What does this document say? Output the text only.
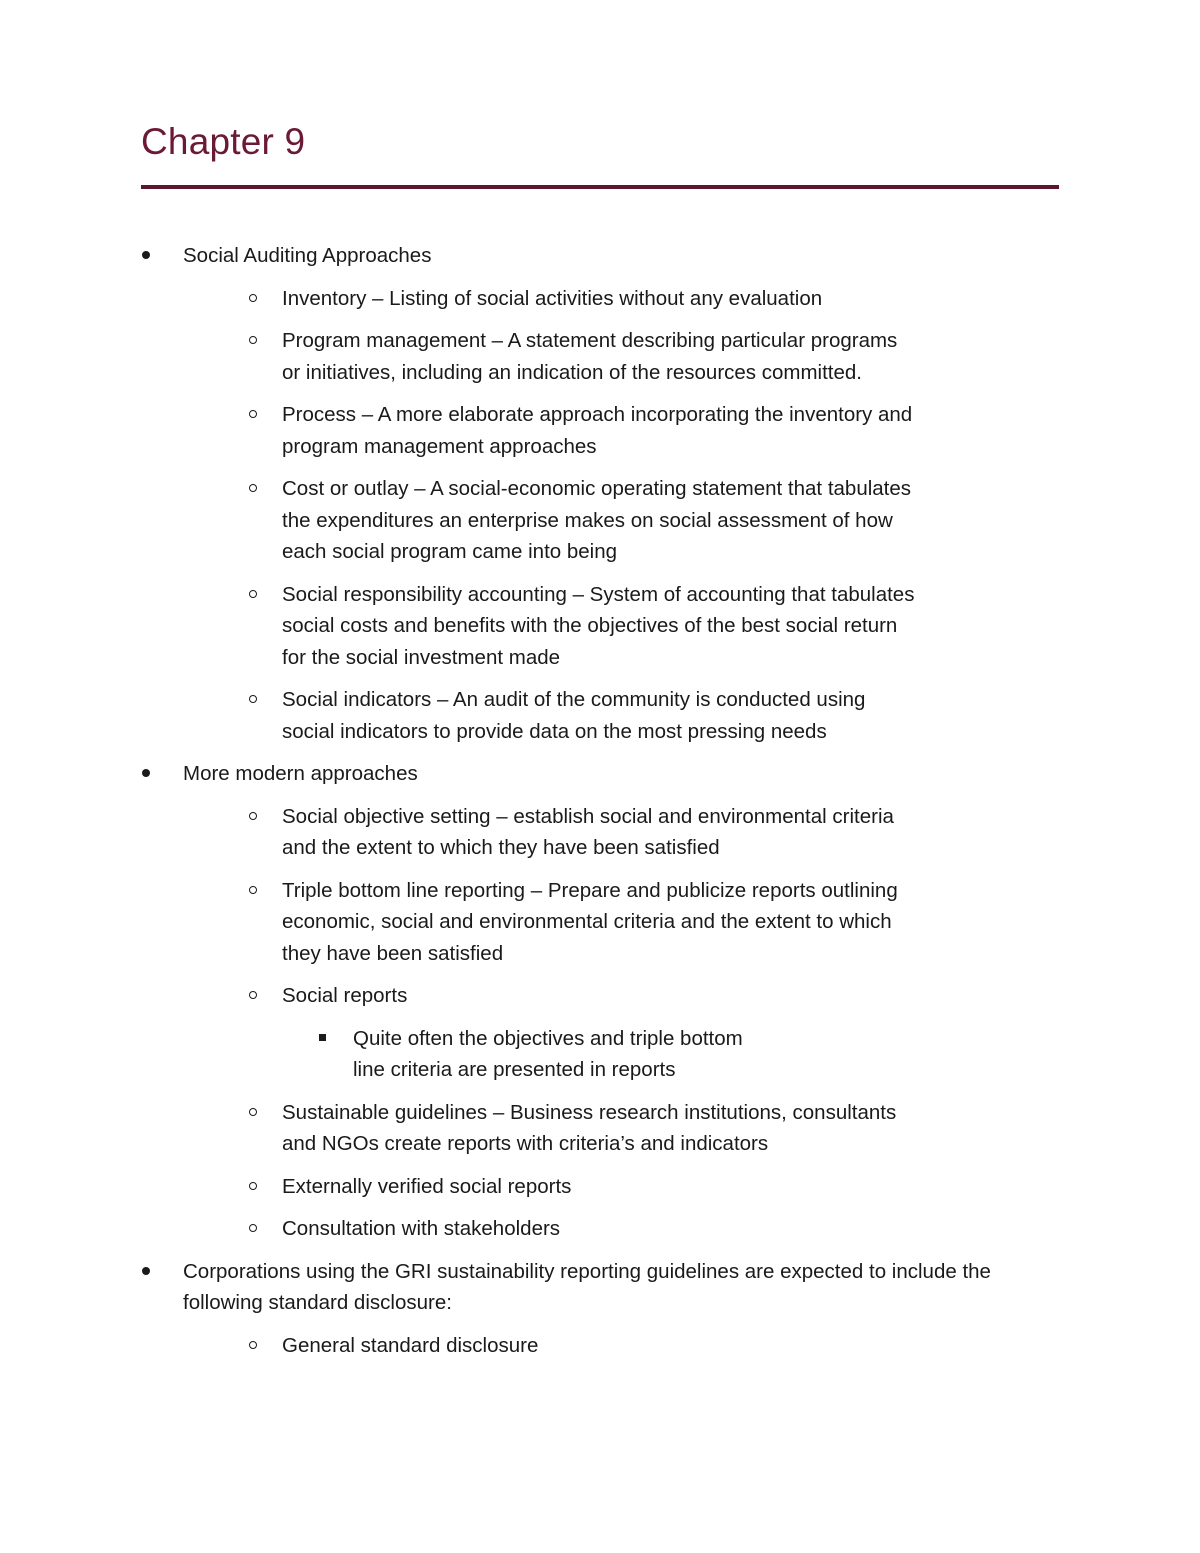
Chapter 9
Social Auditing Approaches
Inventory – Listing of social activities without any evaluation
Program management – A statement describing particular programs or initiatives, including an indication of the resources committed.
Process – A more elaborate approach incorporating the inventory and program management approaches
Cost or outlay – A social-economic operating statement that tabulates the expenditures an enterprise makes on social assessment of how each social program came into being
Social responsibility accounting – System of accounting that tabulates social costs and benefits with the objectives of the best social return for the social investment made
Social indicators – An audit of the community is conducted using social indicators to provide data on the most pressing needs
More modern approaches
Social objective setting – establish social and environmental criteria and the extent to which they have been satisfied
Triple bottom line reporting – Prepare and publicize reports outlining economic, social and environmental criteria and the extent to which they have been satisfied
Social reports
Quite often the objectives and triple bottom line criteria are presented in reports
Sustainable guidelines – Business research institutions, consultants and NGOs create reports with criteria’s and indicators
Externally verified social reports
Consultation with stakeholders
Corporations using the GRI sustainability reporting guidelines are expected to include the following standard disclosure:
General standard disclosure
